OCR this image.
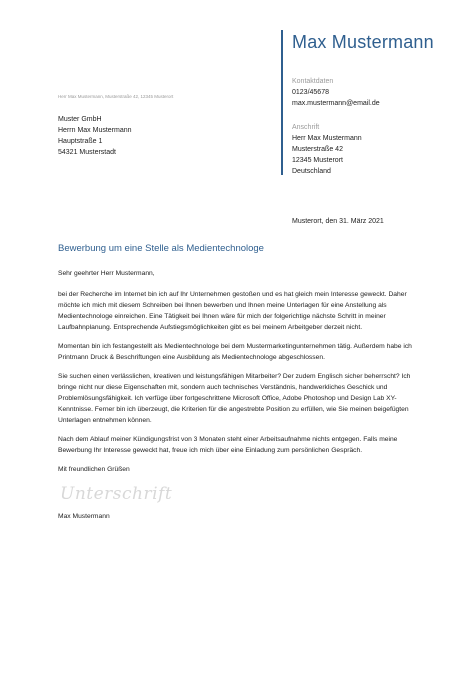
Max Mustermann
Kontaktdaten
0123/45678
max.mustermann@email.de
Anschrift
Herr Max Mustermann
Musterstraße 42
12345 Musterort
Deutschland
Herr Max Mustermann, Musterstraße 42, 12345 Musterort
Muster GmbH
Herrn Max Mustermann
Hauptstraße 1
54321 Musterstadt
Musterort, den 31. März 2021
Bewerbung um eine Stelle als Medientechnologe

Sehr geehrter Herr Mustermann,

bei der Recherche im Internet bin ich auf Ihr Unternehmen gestoßen und es hat gleich mein Interesse geweckt. Daher möchte ich mich mit diesem Schreiben bei Ihnen bewerben und Ihnen meine Unterlagen für eine Anstellung als Medientechnologe einreichen. Eine Tätigkeit bei Ihnen wäre für mich der folgerichtige nächste Schritt in meiner Laufbahnplanung. Entsprechende Aufstiegsmöglichkeiten gibt es bei meinem Arbeitgeber derzeit nicht.

Momentan bin ich festangestellt als Medientechnologe bei dem Mustermarketingunternehmen tätig. Außerdem habe ich Printmann Druck & Beschriftungen eine Ausbildung als Medientechnologe abgeschlossen.

Sie suchen einen verlässlichen, kreativen und leistungsfähigen Mitarbeiter? Der zudem Englisch sicher beherrscht? Ich bringe nicht nur diese Eigenschaften mit, sondern auch technisches Verständnis, handwerkliches Geschick und Problemlösungsfähigkeit. Ich verfüge über fortgeschrittene Microsoft Office, Adobe Photoshop und Design Lab XY-Kenntnisse. Ferner bin ich überzeugt, die Kriterien für die angestrebte Position zu erfüllen, wie Sie meinen beigefügten Unterlagen entnehmen können.

Nach dem Ablauf meiner Kündigungsfrist von 3 Monaten steht einer Arbeitsaufnahme nichts entgegen. Falls meine Bewerbung Ihr Interesse geweckt hat, freue ich mich über eine Einladung zum persönlichen Gespräch.

Mit freundlichen Grüßen

Unterschrift
Max Mustermann
